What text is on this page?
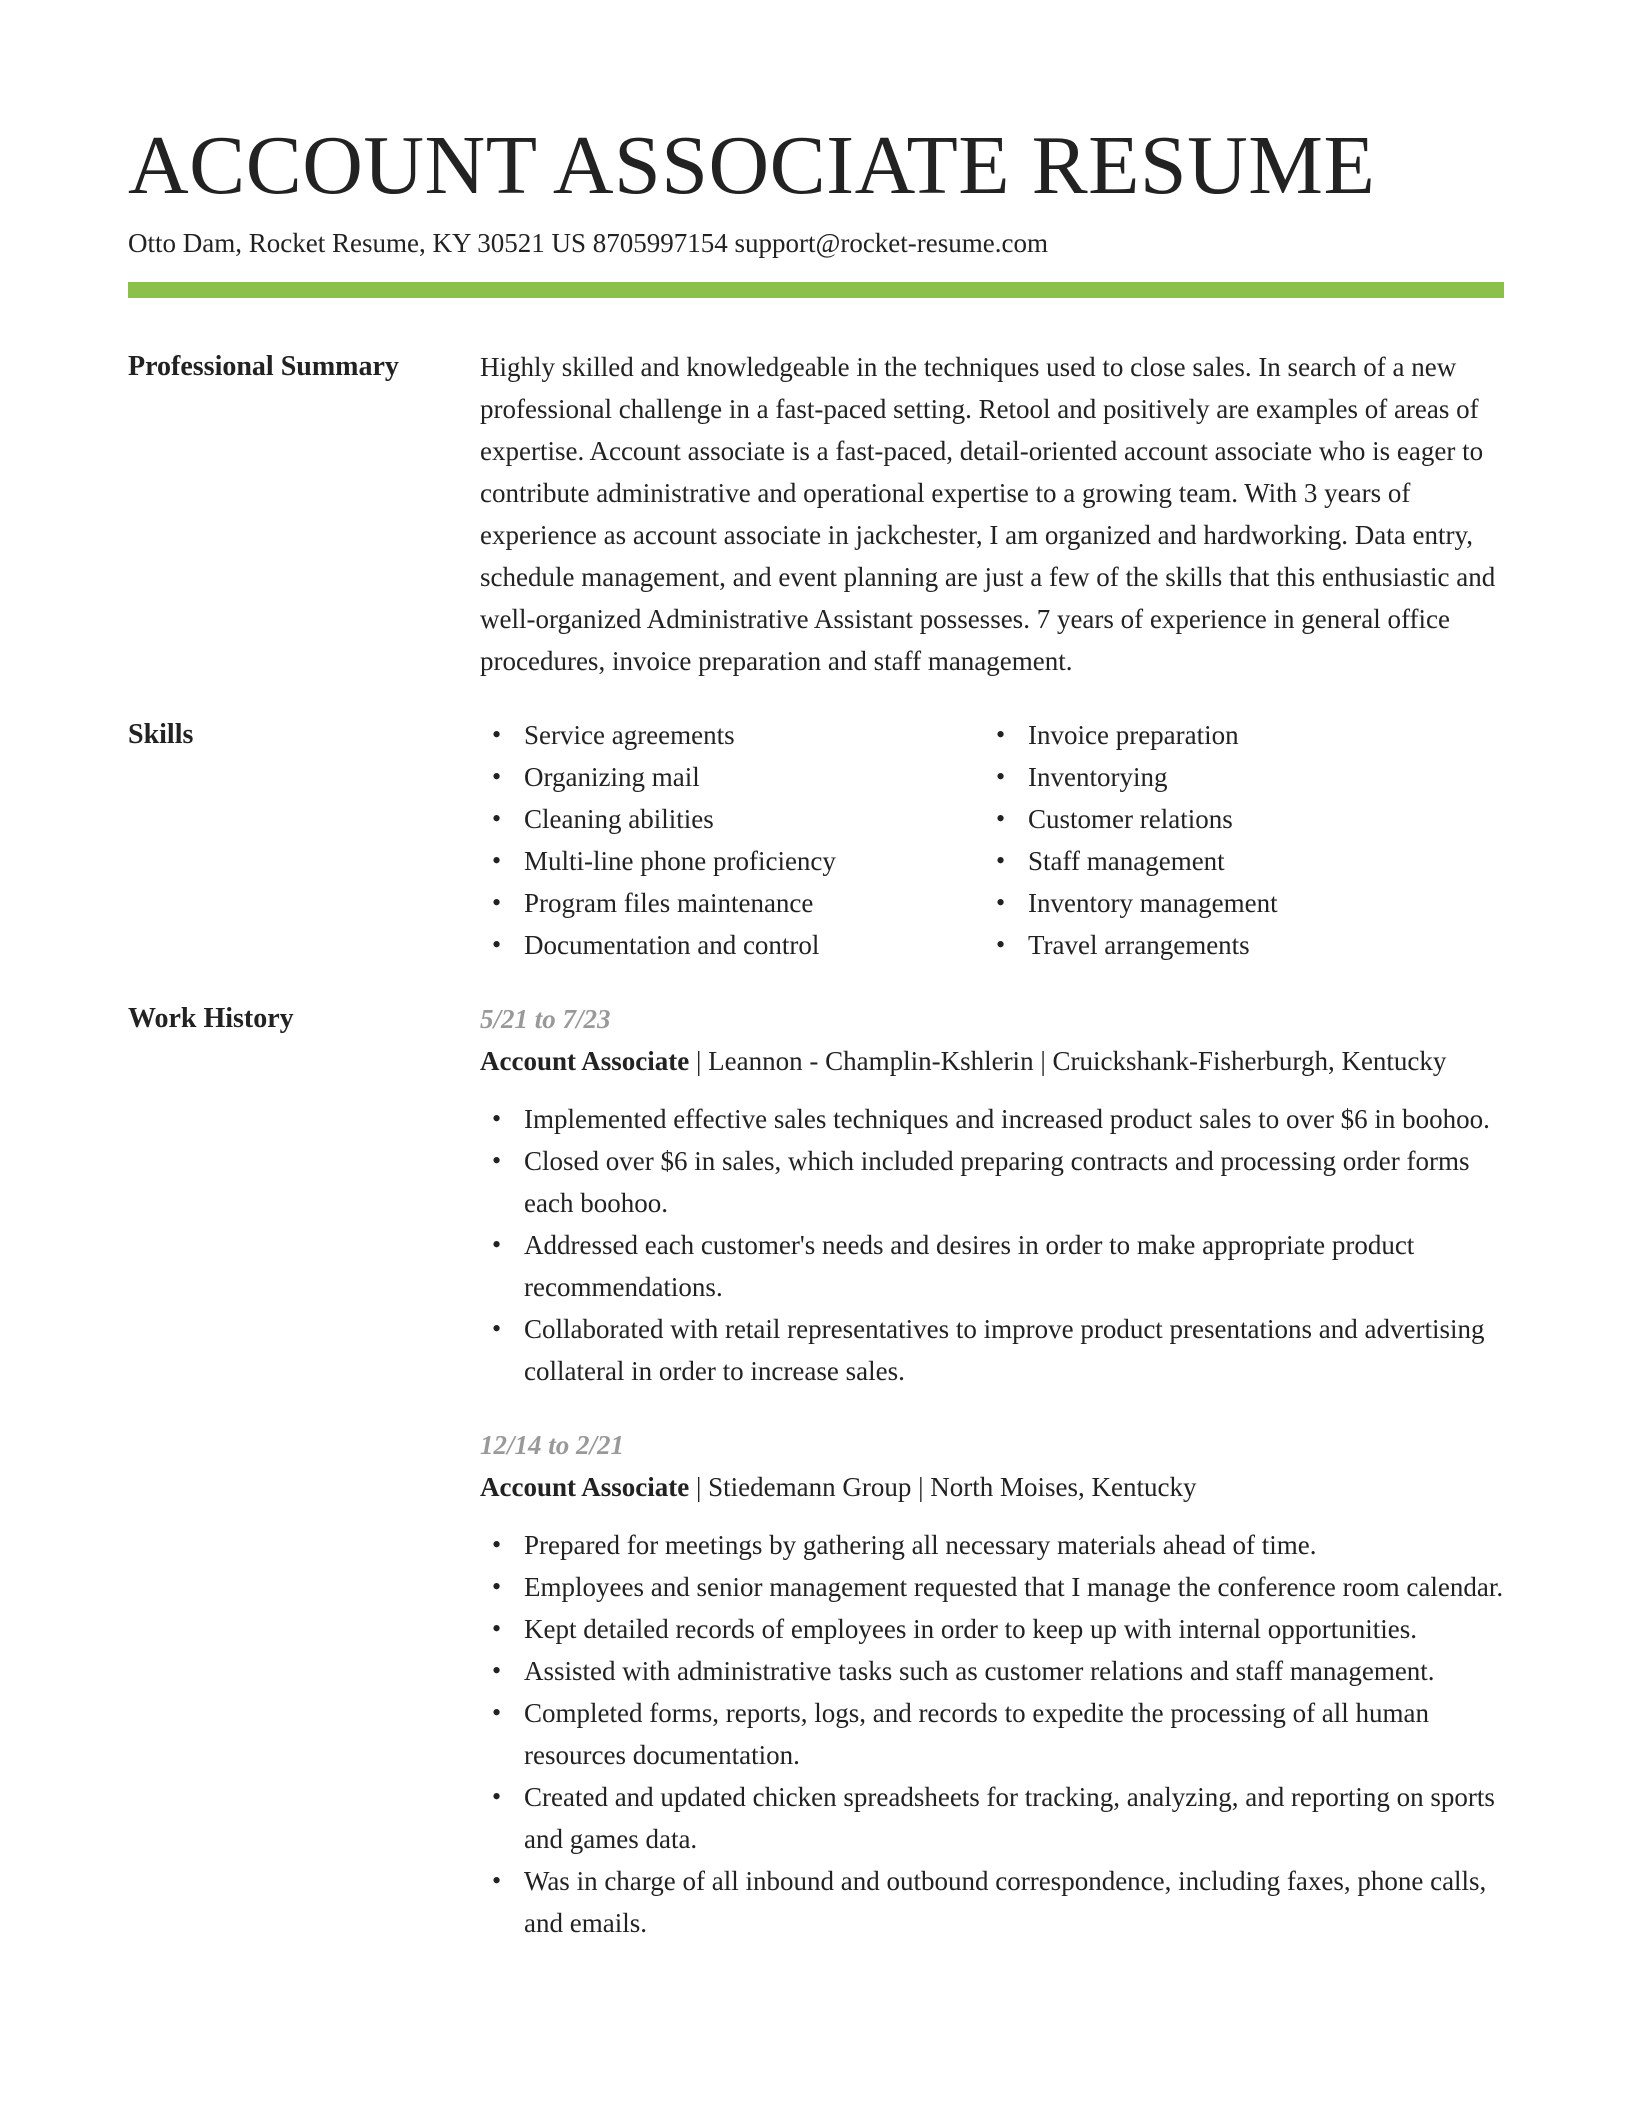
ACCOUNT ASSOCIATE RESUME
Otto Dam, Rocket Resume, KY 30521 US 8705997154 support@rocket-resume.com
Professional Summary	Highly skilled and knowledgeable in the techniques used to close sales. In search of a new professional challenge in a fast-paced setting. Retool and positively are examples of areas of expertise. Account associate is a fast-paced, detail-oriented account associate who is eager to contribute administrative and operational expertise to a growing team. With 3 years of experience as account associate in jackchester, I am organized and hardworking. Data entry, schedule management, and event planning are just a few of the skills that this enthusiastic and well-organized Administrative Assistant possesses. 7 years of experience in general office procedures, invoice preparation and staff management.
Skills
•	Service agreements
• Organizing mail
• Cleaning abilities
• Multi-line phone proficiency
• Program files maintenance
• Documentation and control
• Invoice preparation
• Inventorying
• Customer relations
• Staff management
• Inventory management
• Travel arrangements
Work History	5/21 to 7/23
Account Associate | Leannon - Champlin-Kshlerin | Cruickshank-Fisherburgh, Kentucky
• Implemented effective sales techniques and increased product sales to over $6 in boohoo.
• Closed over $6 in sales, which included preparing contracts and processing order forms each boohoo.
• Addressed each customer's needs and desires in order to make appropriate product recommendations.
• Collaborated with retail representatives to improve product presentations and advertising collateral in order to increase sales.
12/14 to 2/21
Account Associate | Stiedemann Group | North Moises, Kentucky
• Prepared for meetings by gathering all necessary materials ahead of time.
• Employees and senior management requested that I manage the conference room calendar.
• Kept detailed records of employees in order to keep up with internal opportunities.
• Assisted with administrative tasks such as customer relations and staff management.
• Completed forms, reports, logs, and records to expedite the processing of all human resources documentation.
• Created and updated chicken spreadsheets for tracking, analyzing, and reporting on sports and games data.
• Was in charge of all inbound and outbound correspondence, including faxes, phone calls, and emails.
